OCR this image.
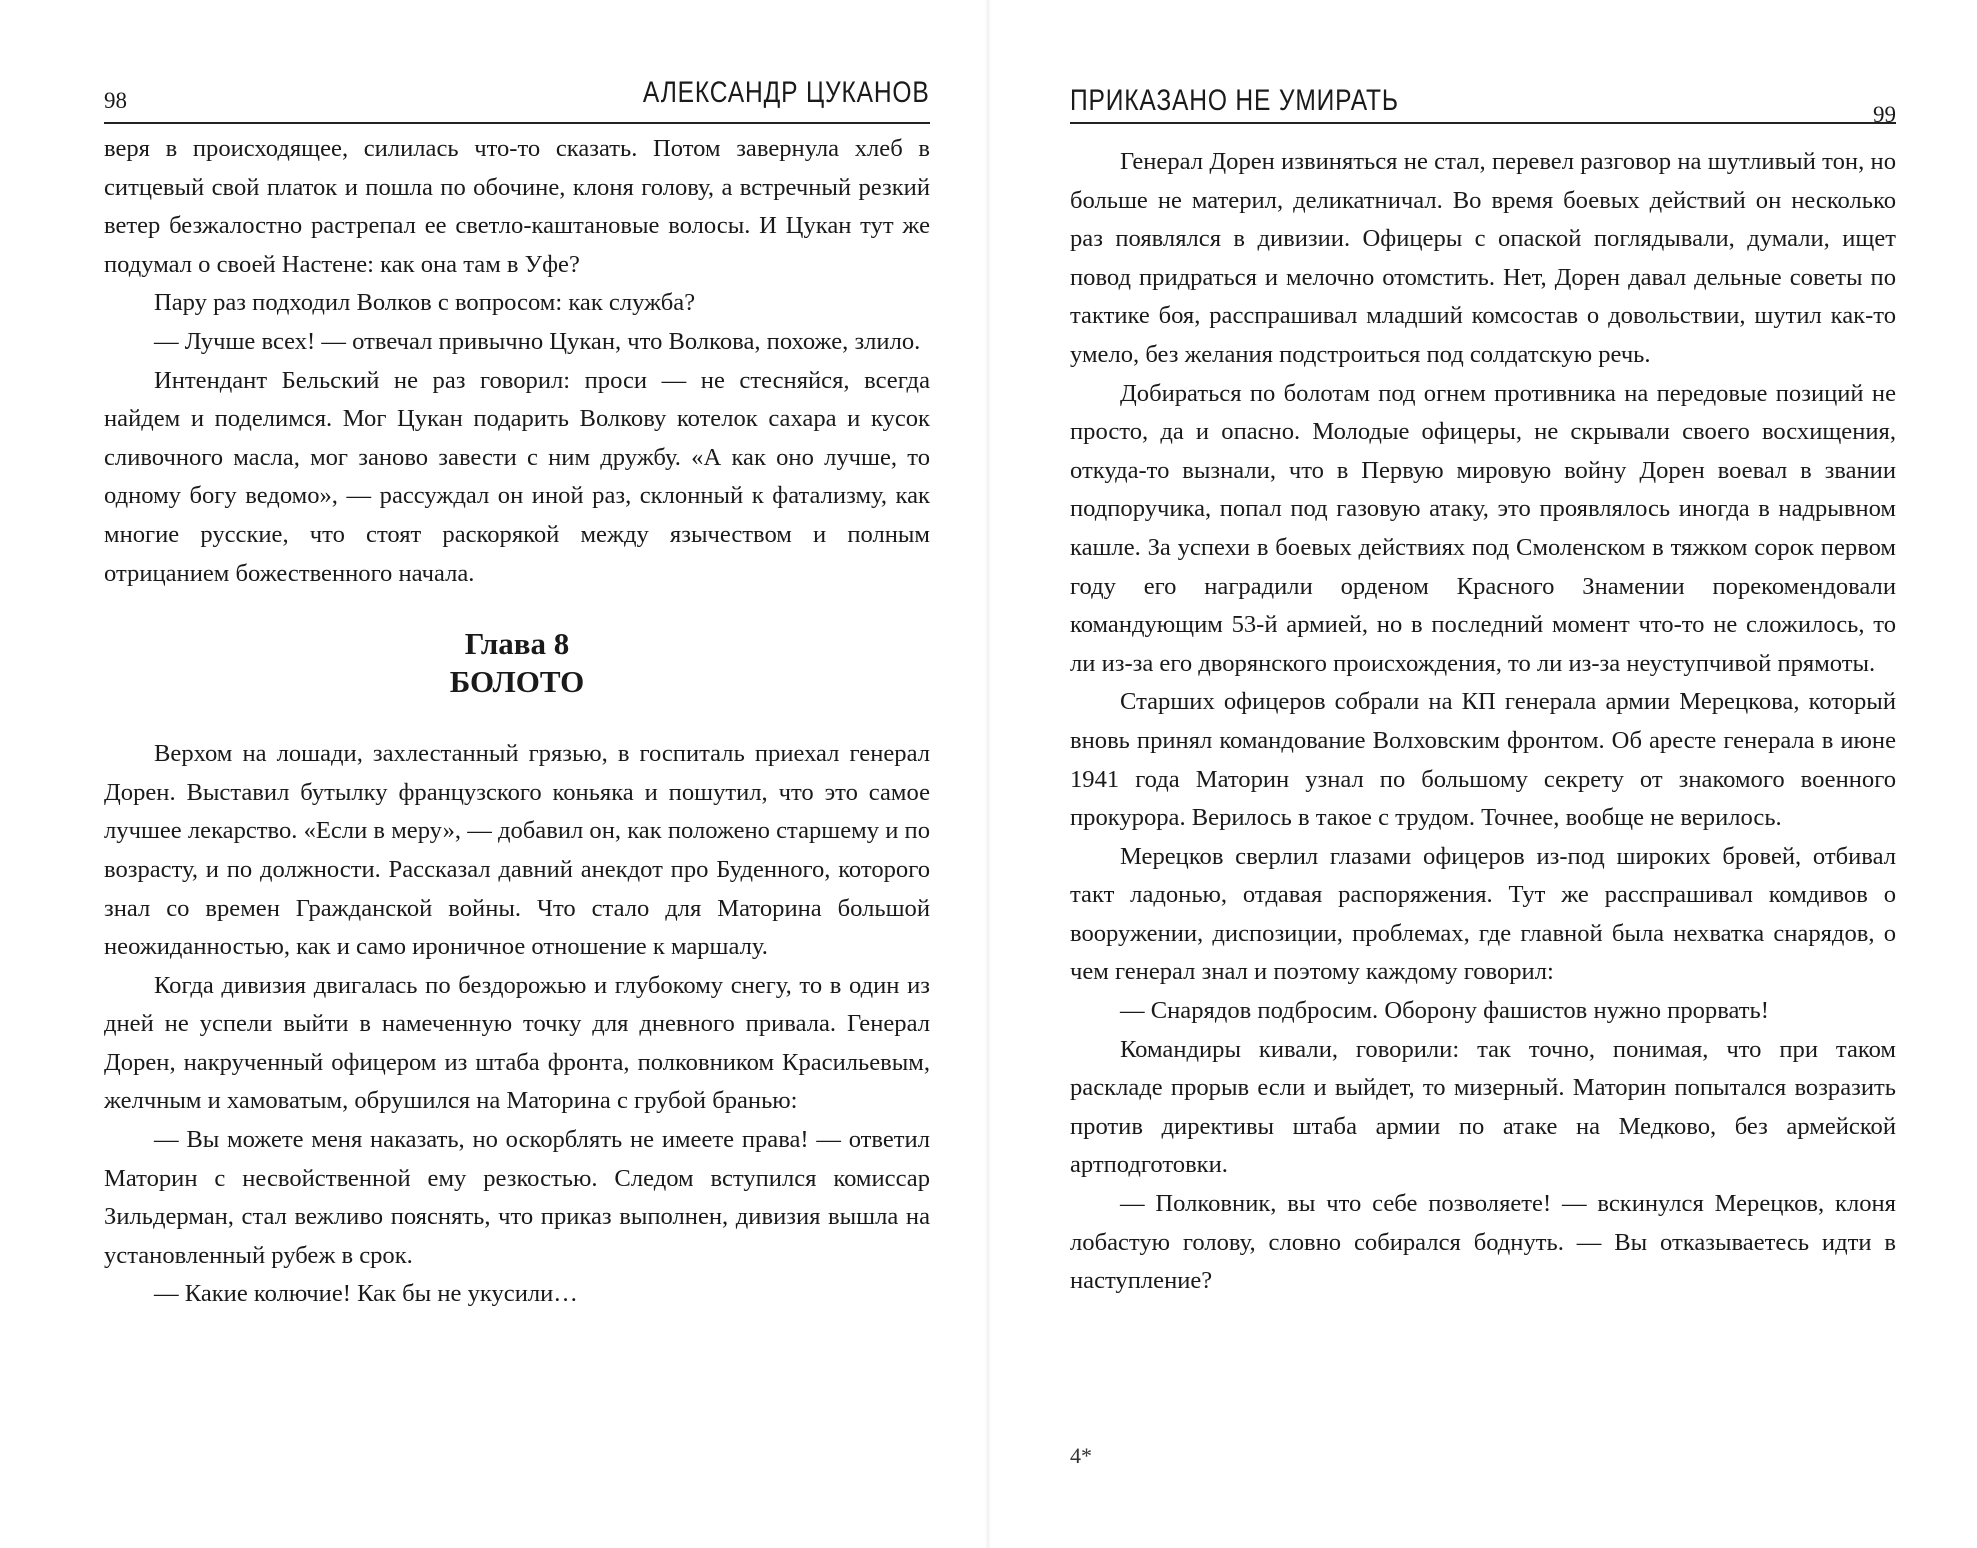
98	АЛЕКСАНДР ЦУКАНОВ

веря в происходящее, силилась что-то сказать. Потом завернула хлеб в ситцевый свой платок и пошла по обочине, клоня голову, а встречный резкий ветер безжалостно растрепал ее светло-каштановые волосы. И Цукан тут же подумал о своей Настене: как она там в Уфе?

Пару раз подходил Волков с вопросом: как служба?

— Лучше всех! — отвечал привычно Цукан, что Волкова, похоже, злило.

Интендант Бельский не раз говорил: проси — не стесняйся, всегда найдем и поделимся. Мог Цукан подарить Волкову котелок сахара и кусок сливочного масла, мог заново завести с ним дружбу. «А как оно лучше, то одному богу ведомо», — рассуждал он иной раз, склонный к фатализму, как многие русские, что стоят раскорякой между язычеством и полным отрицанием божественного начала.

Глава 8
БОЛОТО

Верхом на лошади, захлестанный грязью, в госпиталь приехал генерал Дорен. Выставил бутылку французского коньяка и пошутил, что это самое лучшее лекарство. «Если в меру», — добавил он, как положено старшему и по возрасту, и по должности. Рассказал давний анекдот про Буденного, которого знал со времен Гражданской войны. Что стало для Маторина большой неожиданностью, как и само ироничное отношение к маршалу.

Когда дивизия двигалась по бездорожью и глубокому снегу, то в один из дней не успели выйти в намеченную точку для дневного привала. Генерал Дорен, накрученный офицером из штаба фронта, полковником Красильевым, желчным и хамоватым, обрушился на Маторина с грубой бранью:

— Вы можете меня наказать, но оскорблять не имеете права! — ответил Маторин с несвойственной ему резкостью. Следом вступился комиссар Зильдерман, стал вежливо пояснять, что приказ выполнен, дивизия вышла на установленный рубеж в срок.

— Какие колючие! Как бы не укусили…

ПРИКАЗАНО НЕ УМИРАТЬ	99

Генерал Дорен извиняться не стал, перевел разговор на шутливый тон, но больше не материл, деликатничал. Во время боевых действий он несколько раз появлялся в дивизии. Офицеры с опаской поглядывали, думали, ищет повод придраться и мелочно отомстить. Нет, Дорен давал дельные советы по тактике боя, расспрашивал младший комсостав о довольствии, шутил как-то умело, без желания подстроиться под солдатскую речь.

Добираться по болотам под огнем противника на передовые позиций не просто, да и опасно. Молодые офицеры, не скрывали своего восхищения, откуда-то вызнали, что в Первую мировую войну Дорен воевал в звании подпоручика, попал под газовую атаку, это проявлялось иногда в надрывном кашле. За успехи в боевых действиях под Смоленском в тяжком сорок первом году его наградили орденом Красного Знамении порекомендовали командующим 53-й армией, но в последний момент что-то не сложилось, то ли из-за его дворянского происхождения, то ли из-за неуступчивой прямоты.

Старших офицеров собрали на КП генерала армии Мерецкова, который вновь принял командование Волховским фронтом. Об аресте генерала в июне 1941 года Маторин узнал по большому секрету от знакомого военного прокурора. Верилось в такое с трудом. Точнее, вообще не верилось.

Мерецков сверлил глазами офицеров из-под широких бровей, отбивал такт ладонью, отдавая распоряжения. Тут же расспрашивал комдивов о вооружении, диспозиции, проблемах, где главной была нехватка снарядов, о чем генерал знал и поэтому каждому говорил:

— Снарядов подбросим. Оборону фашистов нужно прорвать!

Командиры кивали, говорили: так точно, понимая, что при таком раскладе прорыв если и выйдет, то мизерный. Маторин попытался возразить против директивы штаба армии по атаке на Медково, без армейской артподготовки.

— Полковник, вы что себе позволяете! — вскинулся Мерецков, клоня лобастую голову, словно собирался боднуть. — Вы отказываетесь идти в наступление?

4*
